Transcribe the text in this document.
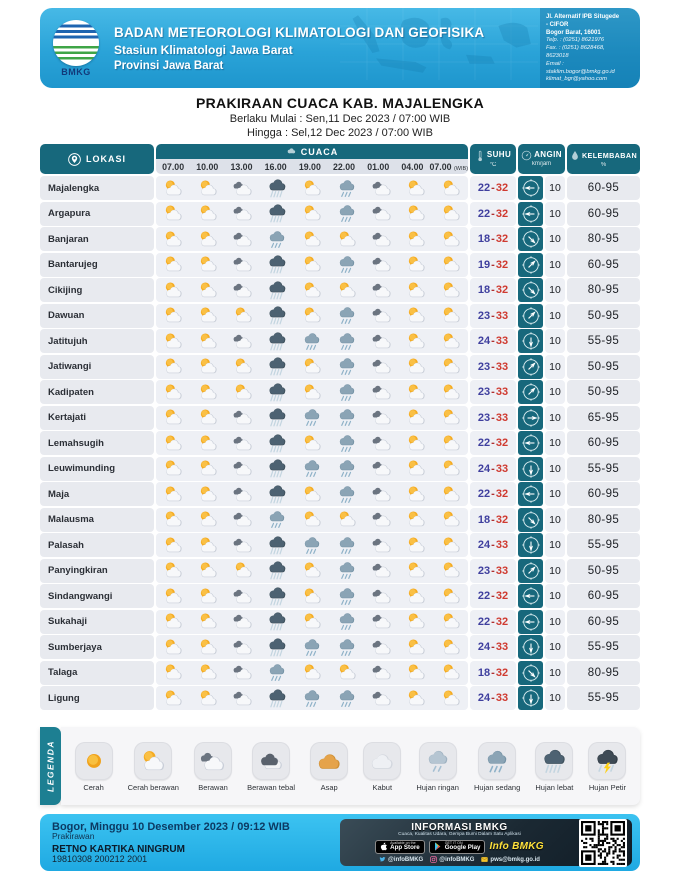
BMKG
BADAN METEOROLOGI KLIMATOLOGI DAN GEOFISIKA
Stasiun Klimatologi Jawa Barat
Provinsi Jawa Barat
Jl. Alternatif IPB Situgede
- CIFOR
Bogor Barat, 16001
Telp. : (0251) 8621976
Fax. : (0251) 8628468,
8623018
Email :
staklim.bogor@bmkg.go.id
klimat_bgr@yahoo.com
PRAKIRAAN CUACA KAB. MAJALENGKA
Berlaku Mulai : Sen,11 Dec 2023 / 07:00 WIB
Hingga : Sel,12 Dec 2023 / 07:00 WIB
LOKASI
CUACA
07.00	10.00	13.00	16.00	19.00	22.00	01.00	04.00 07.00 (WIB)
SUHU
°C
ANGIN
km/jam
KELEMBABAN
%
Majalengka	22 - 32	10	60-95
Argapura	22 - 32	10	60-95
Banjaran	18 - 32	10	80-95
Bantarujeg	19 - 32	10	60-95
Cikijing	18 - 32	10	80-95
Dawuan	23 - 33	10	50-95
Jatitujuh	24 - 33	10	55-95
Jatiwangi	23 - 33	10	50-95
Kadipaten	23 - 33	10	50-95
Kertajati	23 - 33	10	65-95
Lemahsugih	22 - 32	10	60-95
Leuwimunding	24 - 33	10	55-95
Maja	22 - 32	10	60-95
Malausma	18 - 32	10	80-95
Palasah	24 - 33	10	55-95
Panyingkiran	23 - 33	10	50-95
Sindangwangi	22 - 32	10	60-95
Sukahaji	22 - 32	10	60-95
Sumberjaya	24 - 33	10	55-95
Talaga	18 - 32	10	80-95
Ligung	24 - 33	10	55-95
LEGENDA	Cerah	Cerah berawan	Berawan	Berawan tebal	Asap	Kabut	Hujan ringan Hujan sedang Hujan lebat Hujan Petir
Bogor, Minggu 10 Desember 2023 / 09:12 WIB
Prakirawan
RETNO KARTIKA NINGRUM
19810308 200212 2001
INFORMASI BMKG
Cuaca, Kualitas Udara, Gempa Bumi Dalam Satu Aplikasi
Available on the
App Store
GET IT ON
Google Play Info BMKG
@infoBMKG	@infoBMKG	pws@bmkg.go.id
